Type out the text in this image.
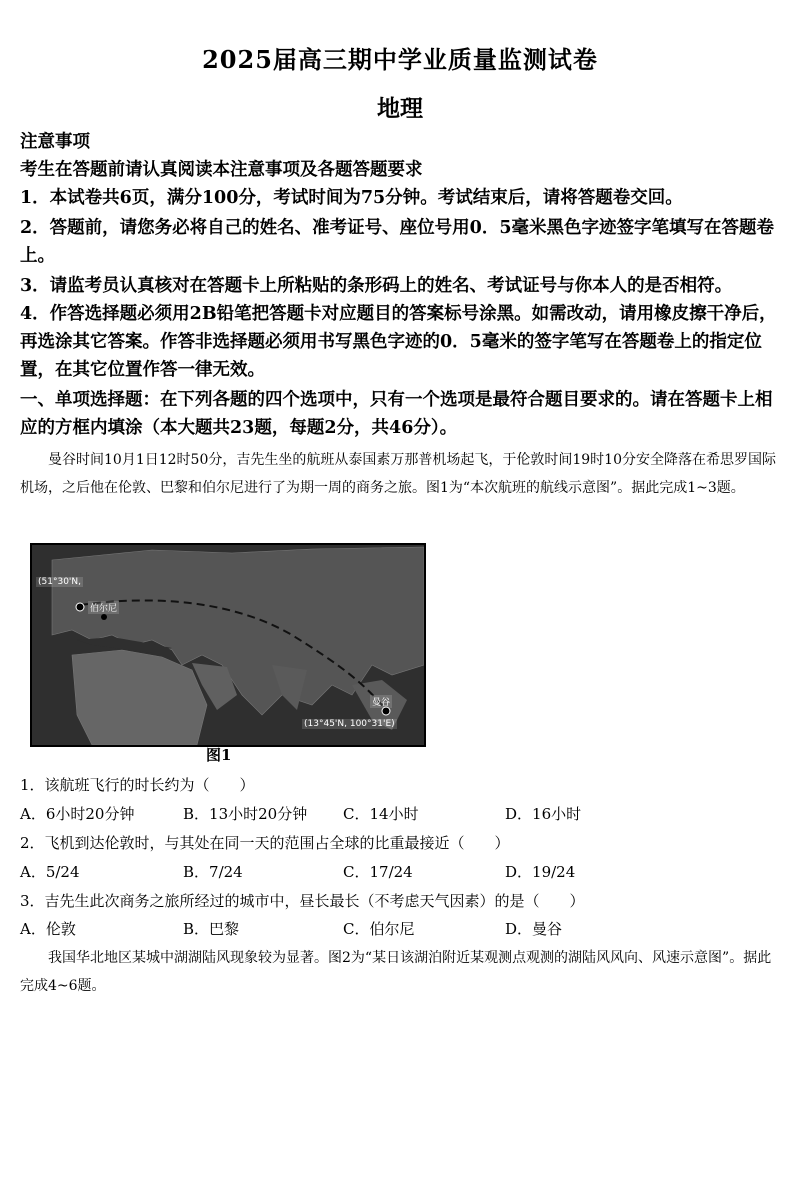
2025届高三期中学业质量监测试卷
地理
注意事项
考生在答题前请认真阅读本注意事项及各题答题要求
1．本试卷共6页，满分100分，考试时间为75分钟。考试结束后，请将答题卷交回。
2．答题前，请您务必将自己的姓名、准考证号、座位号用0．5毫米黑色字迹签字笔填写在答题卷上。
3．请监考员认真核对在答题卡上所粘贴的条形码上的姓名、考试证号与你本人的是否相符。
4．作答选择题必须用2B铅笔把答题卡对应题目的答案标号涂黑。如需改动，请用橡皮擦干净后，再选涂其它答案。作答非选择题必须用书写黑色字迹的0．5毫米的签字笔写在答题卷上的指定位置，在其它位置作答一律无效。
一、单项选择题：在下列各题的四个选项中，只有一个选项是最符合题目要求的。请在答题卡上相应的方框内填涂（本大题共23题，每题2分，共46分）。
曼谷时间10月1日12时50分，吉先生坐的航班从泰国素万那普机场起飞，于伦敦时间19时10分安全降落在希思罗国际机场，之后他在伦敦、巴黎和伯尔尼进行了为期一周的商务之旅。图1为“本次航班的航线示意图”。据此完成1~3题。
(51°30'N,
伯尔尼
曼谷
(13°45'N, 100°31'E)
图1
1．该航班飞行的时长约为（　　）
A．6小时20分钟	B．13小时20分钟 C．14小时	D．16小时
2．飞机到达伦敦时，与其处在同一天的范围占全球的比重最接近（　　）
A．5/24	B．7/24	C．17/24	D．19/24
3．吉先生此次商务之旅所经过的城市中，昼长最长（不考虑天气因素）的是（　　）
A．伦敦	B．巴黎	C．伯尔尼	D．曼谷
我国华北地区某城中湖湖陆风现象较为显著。图2为“某日该湖泊附近某观测点观测的湖陆风风向、风速示意图”。据此完成4~6题。
